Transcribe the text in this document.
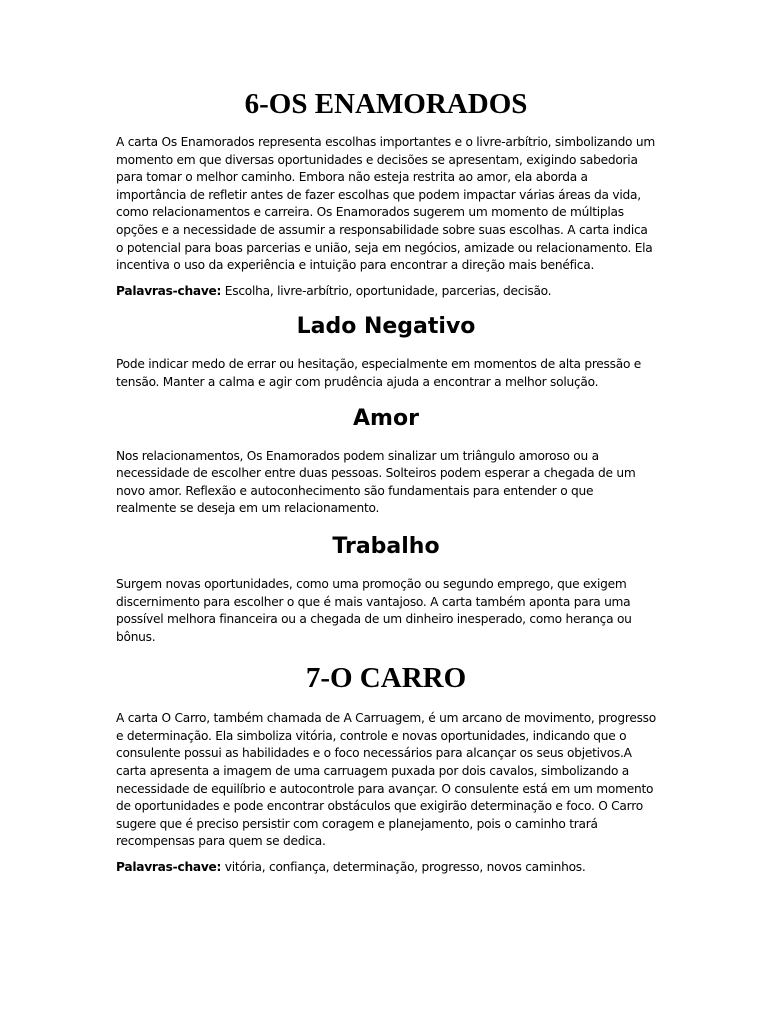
6-OS ENAMORADOS

A carta Os Enamorados representa escolhas importantes e o livre-arbítrio, simbolizando um momento em que diversas oportunidades e decisões se apresentam, exigindo sabedoria para tomar o melhor caminho. Embora não esteja restrita ao amor, ela aborda a importância de refletir antes de fazer escolhas que podem impactar várias áreas da vida, como relacionamentos e carreira. Os Enamorados sugerem um momento de múltiplas opções e a necessidade de assumir a responsabilidade sobre suas escolhas. A carta indica o potencial para boas parcerias e união, seja em negócios, amizade ou relacionamento. Ela incentiva o uso da experiência e intuição para encontrar a direção mais benéfica.

Palavras-chave: Escolha, livre-arbítrio, oportunidade, parcerias, decisão.

Lado Negativo

Pode indicar medo de errar ou hesitação, especialmente em momentos de alta pressão e tensão. Manter a calma e agir com prudência ajuda a encontrar a melhor solução.

Amor

Nos relacionamentos, Os Enamorados podem sinalizar um triângulo amoroso ou a necessidade de escolher entre duas pessoas. Solteiros podem esperar a chegada de um novo amor. Reflexão e autoconhecimento são fundamentais para entender o que realmente se deseja em um relacionamento.

Trabalho

Surgem novas oportunidades, como uma promoção ou segundo emprego, que exigem discernimento para escolher o que é mais vantajoso. A carta também aponta para uma possível melhora financeira ou a chegada de um dinheiro inesperado, como herança ou bônus.

7-O CARRO

A carta O Carro, também chamada de A Carruagem, é um arcano de movimento, progresso e determinação. Ela simboliza vitória, controle e novas oportunidades, indicando que o consulente possui as habilidades e o foco necessários para alcançar os seus objetivos.A carta apresenta a imagem de uma carruagem puxada por dois cavalos, simbolizando a necessidade de equilíbrio e autocontrole para avançar. O consulente está em um momento de oportunidades e pode encontrar obstáculos que exigirão determinação e foco. O Carro sugere que é preciso persistir com coragem e planejamento, pois o caminho trará recompensas para quem se dedica.

Palavras-chave: vitória, confiança, determinação, progresso, novos caminhos.
